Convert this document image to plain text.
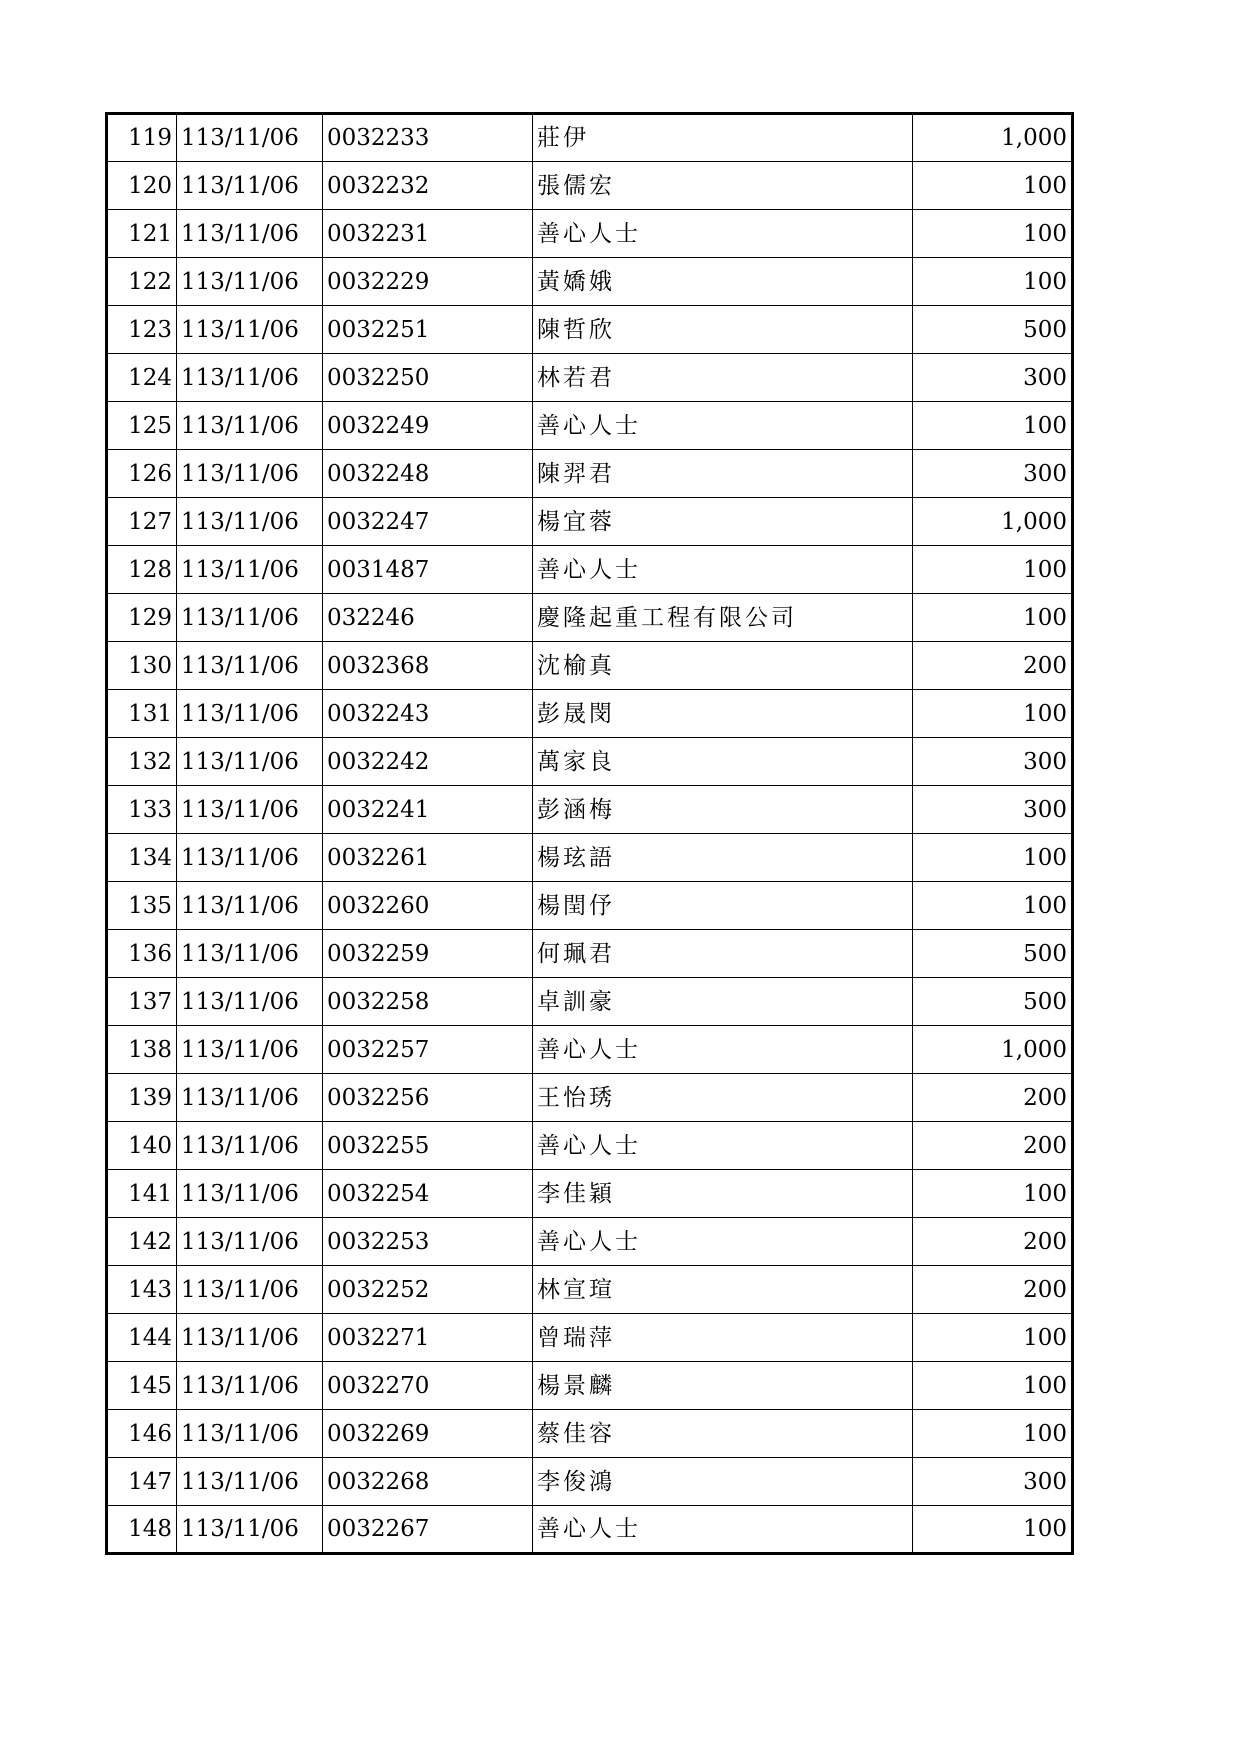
119	113/11/06	0032233	莊伊	1,000
120	113/11/06	0032232	張儒宏	100
121	113/11/06	0032231	善心人士	100
122	113/11/06	0032229	黃嬌娥	100
123	113/11/06	0032251	陳哲欣	500
124	113/11/06	0032250	林若君	300
125	113/11/06	0032249	善心人士	100
126	113/11/06	0032248	陳羿君	300
127	113/11/06	0032247	楊宜蓉	1,000
128	113/11/06	0031487	善心人士	100
129	113/11/06	032246	慶隆起重工程有限公司	100
130	113/11/06	0032368	沈榆真	200
131	113/11/06	0032243	彭晟閔	100
132	113/11/06	0032242	萬家良	300
133	113/11/06	0032241	彭涵梅	300
134	113/11/06	0032261	楊玹語	100
135	113/11/06	0032260	楊閏伃	100
136	113/11/06	0032259	何珮君	500
137	113/11/06	0032258	卓訓豪	500
138	113/11/06	0032257	善心人士	1,000
139	113/11/06	0032256	王怡琇	200
140	113/11/06	0032255	善心人士	200
141	113/11/06	0032254	李佳穎	100
142	113/11/06	0032253	善心人士	200
143	113/11/06	0032252	林宣瑄	200
144	113/11/06	0032271	曾瑞萍	100
145	113/11/06	0032270	楊景麟	100
146	113/11/06	0032269	蔡佳容	100
147	113/11/06	0032268	李俊鴻	300
148	113/11/06	0032267	善心人士	100
